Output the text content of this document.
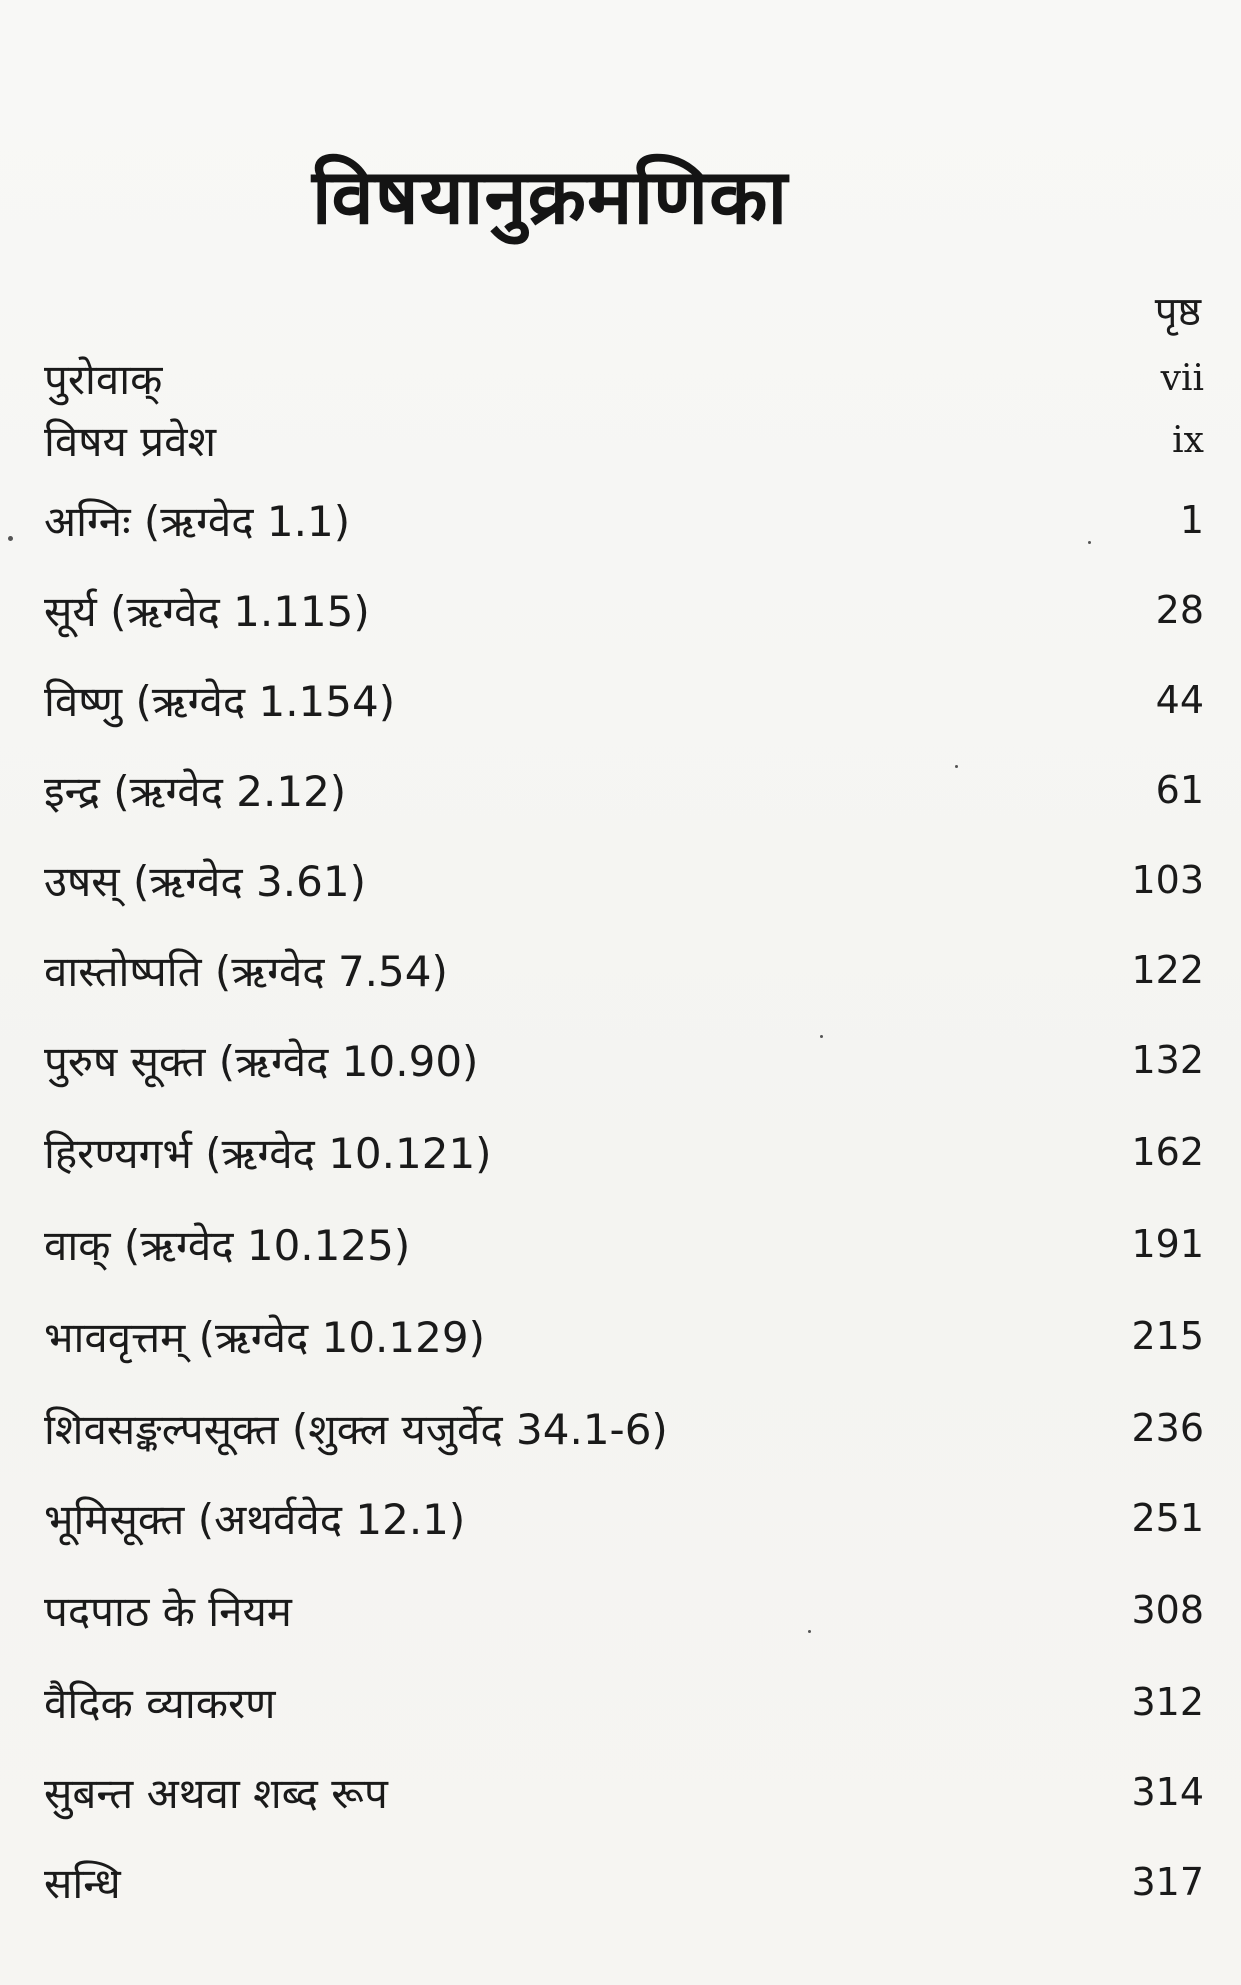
विषयानुक्रमणिका
पृष्ठ
पुरोवाक्	vii
विषय प्रवेश	ix
अग्निः (ऋग्वेद 1.1)	1
सूर्य (ऋग्वेद 1.115)	28
विष्णु (ऋग्वेद 1.154)	44
इन्द्र (ऋग्वेद 2.12)	61
उषस् (ऋग्वेद 3.61)	103
वास्तोष्पति (ऋग्वेद 7.54)	122
पुरुष सूक्त (ऋग्वेद 10.90)	132
हिरण्यगर्भ (ऋग्वेद 10.121)	162
वाक् (ऋग्वेद 10.125)	191
भाववृत्तम् (ऋग्वेद 10.129)	215
शिवसङ्कल्पसूक्त (शुक्ल यजुर्वेद 34.1-6)	236
भूमिसूक्त (अथर्ववेद 12.1)	251
पदपाठ के नियम	308
वैदिक व्याकरण	312
सुबन्त अथवा शब्द रूप	314
सन्धि	317
